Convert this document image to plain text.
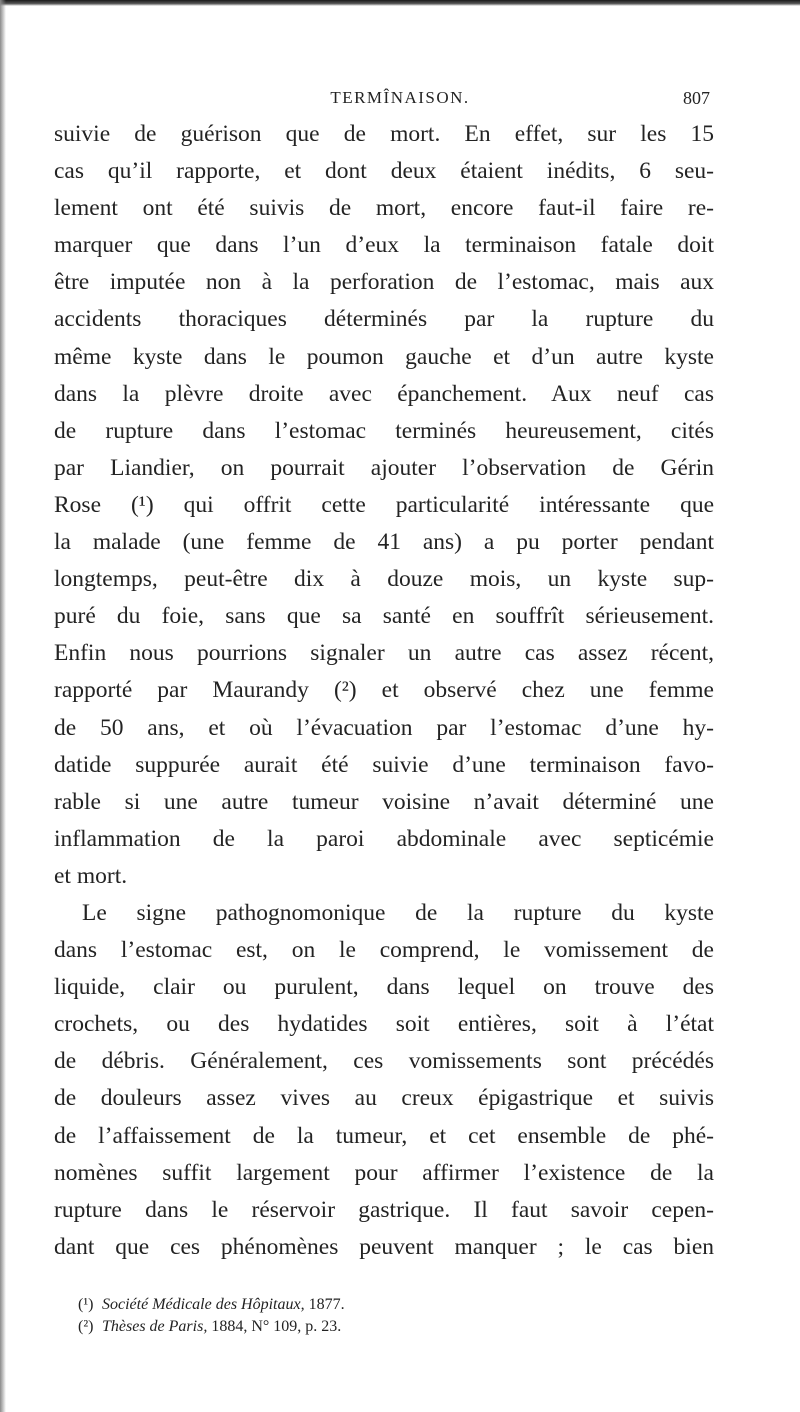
TERMÎNAISON.	807
suivie de guérison que de mort. En effet, sur les 15
cas qu’il rapporte, et dont deux étaient inédits, 6 seu-
lement ont été suivis de mort, encore faut-il faire re-
marquer que dans l’un d’eux la terminaison fatale doit
être imputée non à la perforation de l’estomac, mais aux
accidents thoraciques déterminés par la rupture du
même kyste dans le poumon gauche et d’un autre kyste
dans la plèvre droite avec épanchement. Aux neuf cas
de rupture dans l’estomac terminés heureusement, cités
par Liandier, on pourrait ajouter l’observation de Gérin
Rose (¹) qui offrit cette particularité intéressante que
la malade (une femme de 41 ans) a pu porter pendant
longtemps, peut-être dix à douze mois, un kyste sup-
puré du foie, sans que sa santé en souffrît sérieusement.
Enfin nous pourrions signaler un autre cas assez récent,
rapporté par Maurandy (²) et observé chez une femme
de 50 ans, et où l’évacuation par l’estomac d’une hy-
datide suppurée aurait été suivie d’une terminaison favo-
rable si une autre tumeur voisine n’avait déterminé une
inflammation de la paroi abdominale avec septicémie
et mort.
Le signe pathognomonique de la rupture du kyste
dans l’estomac est, on le comprend, le vomissement de
liquide, clair ou purulent, dans lequel on trouve des
crochets, ou des hydatides soit entières, soit à l’état
de débris. Généralement, ces vomissements sont précédés
de douleurs assez vives au creux épigastrique et suivis
de l’affaissement de la tumeur, et cet ensemble de phé-
nomènes suffit largement pour affirmer l’existence de la
rupture dans le réservoir gastrique. Il faut savoir cepen-
dant que ces phénomènes peuvent manquer ; le cas bien
(¹) Société Médicale des Hôpitaux, 1877.
(²) Thèses de Paris, 1884, N° 109, p. 23.
